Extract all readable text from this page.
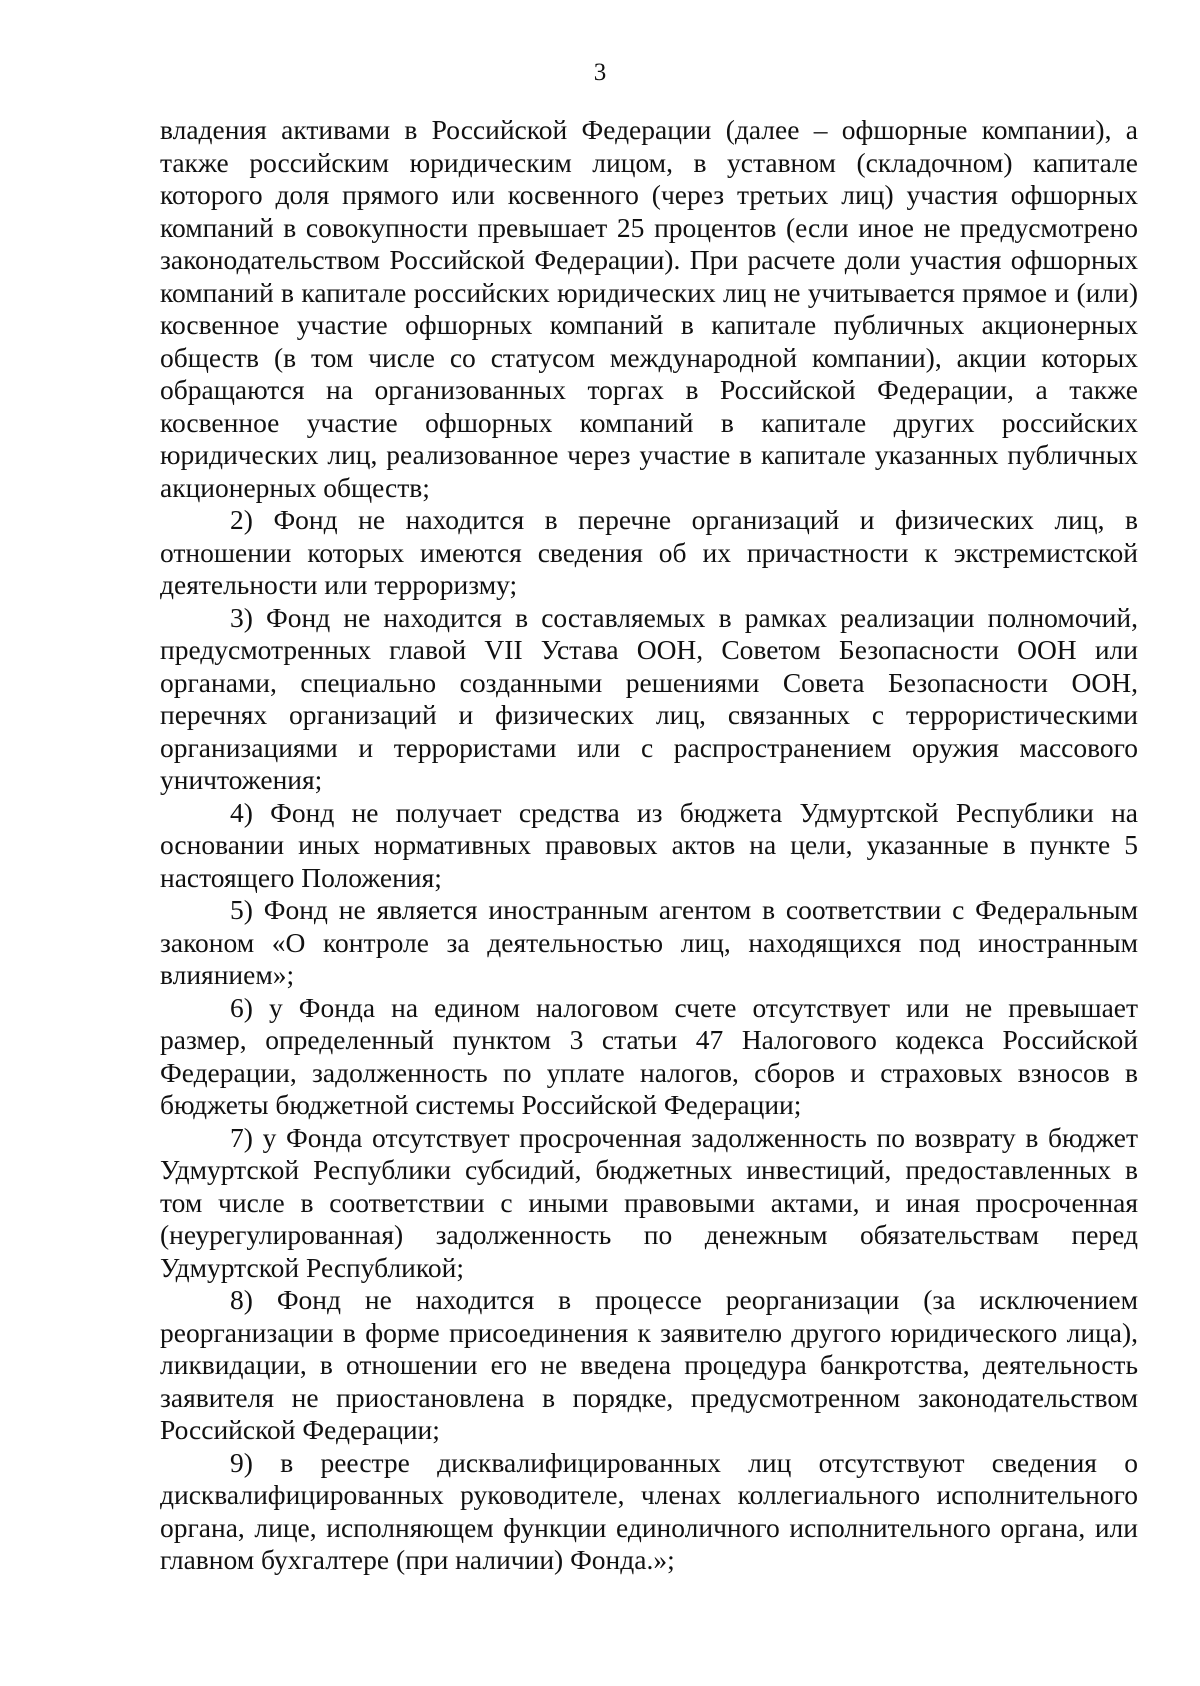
3

владения активами в Российской Федерации (далее – офшорные компании), а также российским юридическим лицом, в уставном (складочном) капитале которого доля прямого или косвенного (через третьих лиц) участия офшорных компаний в совокупности превышает 25 процентов (если иное не предусмотрено законодательством Российской Федерации). При расчете доли участия офшорных компаний в капитале российских юридических лиц не учитывается прямое и (или) косвенное участие офшорных компаний в капитале публичных акционерных обществ (в том числе со статусом международной компании), акции которых обращаются на организованных торгах в Российской Федерации, а также косвенное участие офшорных компаний в капитале других российских юридических лиц, реализованное через участие в капитале указанных публичных акционерных обществ;

2) Фонд не находится в перечне организаций и физических лиц, в отношении которых имеются сведения об их причастности к экстремистской деятельности или терроризму;

3) Фонд не находится в составляемых в рамках реализации полномочий, предусмотренных главой VII Устава ООН, Советом Безопасности ООН или органами, специально созданными решениями Совета Безопасности ООН, перечнях организаций и физических лиц, связанных с террористическими организациями и террористами или с распространением оружия массового уничтожения;

4) Фонд не получает средства из бюджета Удмуртской Республики на основании иных нормативных правовых актов на цели, указанные в пункте 5 настоящего Положения;

5) Фонд не является иностранным агентом в соответствии с Федеральным законом «О контроле за деятельностью лиц, находящихся под иностранным влиянием»;

6) у Фонда на едином налоговом счете отсутствует или не превышает размер, определенный пунктом 3 статьи 47 Налогового кодекса Российской Федерации, задолженность по уплате налогов, сборов и страховых взносов в бюджеты бюджетной системы Российской Федерации;

7) у Фонда отсутствует просроченная задолженность по возврату в бюджет Удмуртской Республики субсидий, бюджетных инвестиций, предоставленных в том числе в соответствии с иными правовыми актами, и иная просроченная (неурегулированная) задолженность по денежным обязательствам перед Удмуртской Республикой;

8) Фонд не находится в процессе реорганизации (за исключением реорганизации в форме присоединения к заявителю другого юридического лица), ликвидации, в отношении его не введена процедура банкротства, деятельность заявителя не приостановлена в порядке, предусмотренном законодательством Российской Федерации;

9) в реестре дисквалифицированных лиц отсутствуют сведения о дисквалифицированных руководителе, членах коллегиального исполнительного органа, лице, исполняющем функции единоличного исполнительного органа, или главном бухгалтере (при наличии) Фонда.»;
